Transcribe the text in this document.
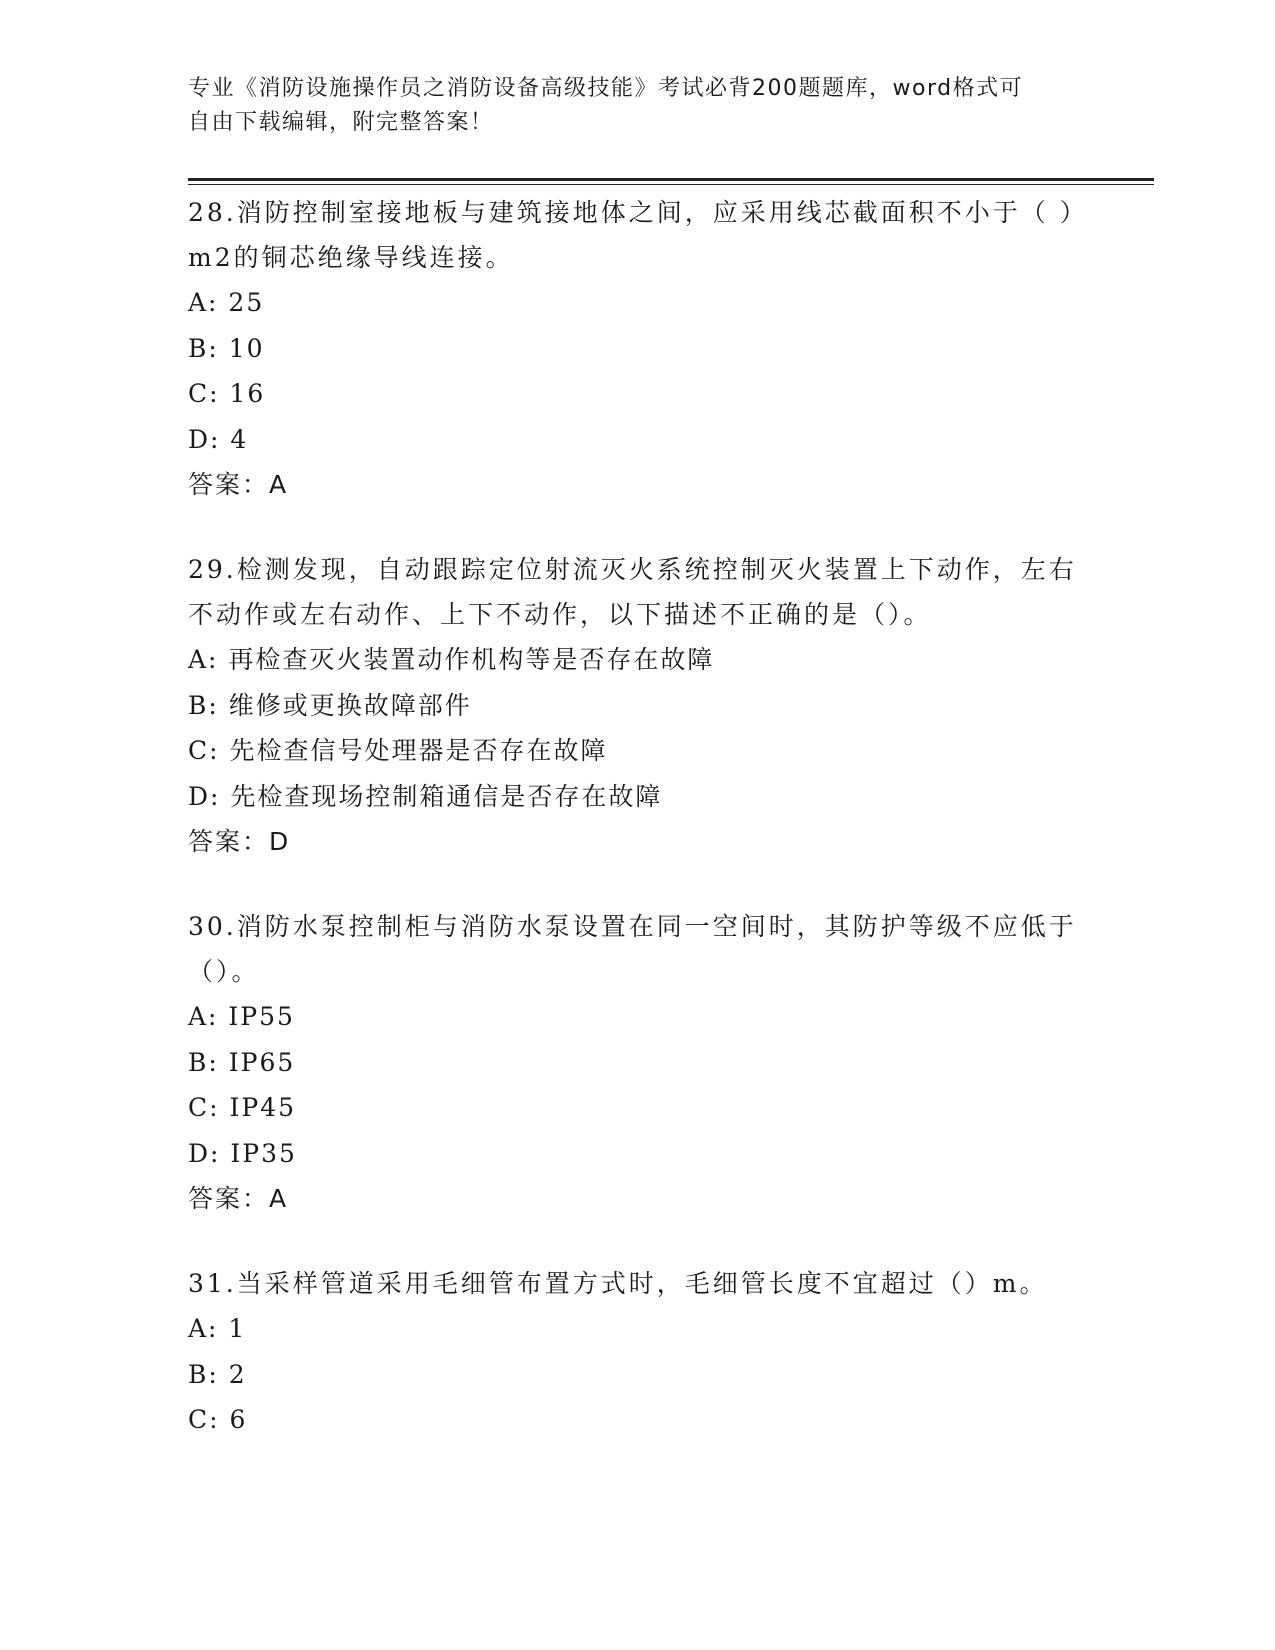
专业《消防设施操作员之消防设备高级技能》考试必背200题题库，word格式可
自由下载编辑，附完整答案！

28.消防控制室接地板与建筑接地体之间，应采用线芯截面积不小于（ ）m2的铜芯绝缘导线连接。

A: 25
B: 10
C: 16
D: 4
答案：A

29.检测发现，自动跟踪定位射流灭火系统控制灭火装置上下动作，左右不动作或左右动作、上下不动作，以下描述不正确的是（）。

A: 再检查灭火装置动作机构等是否存在故障
B: 维修或更换故障部件
C: 先检查信号处理器是否存在故障
D: 先检查现场控制箱通信是否存在故障
答案：D

30.消防水泵控制柜与消防水泵设置在同一空间时，其防护等级不应低于（）。

A: IP55
B: IP65
C: IP45
D: IP35
答案：A

31.当采样管道采用毛细管布置方式时，毛细管长度不宜超过（）m。

A: 1
B: 2
C: 6
